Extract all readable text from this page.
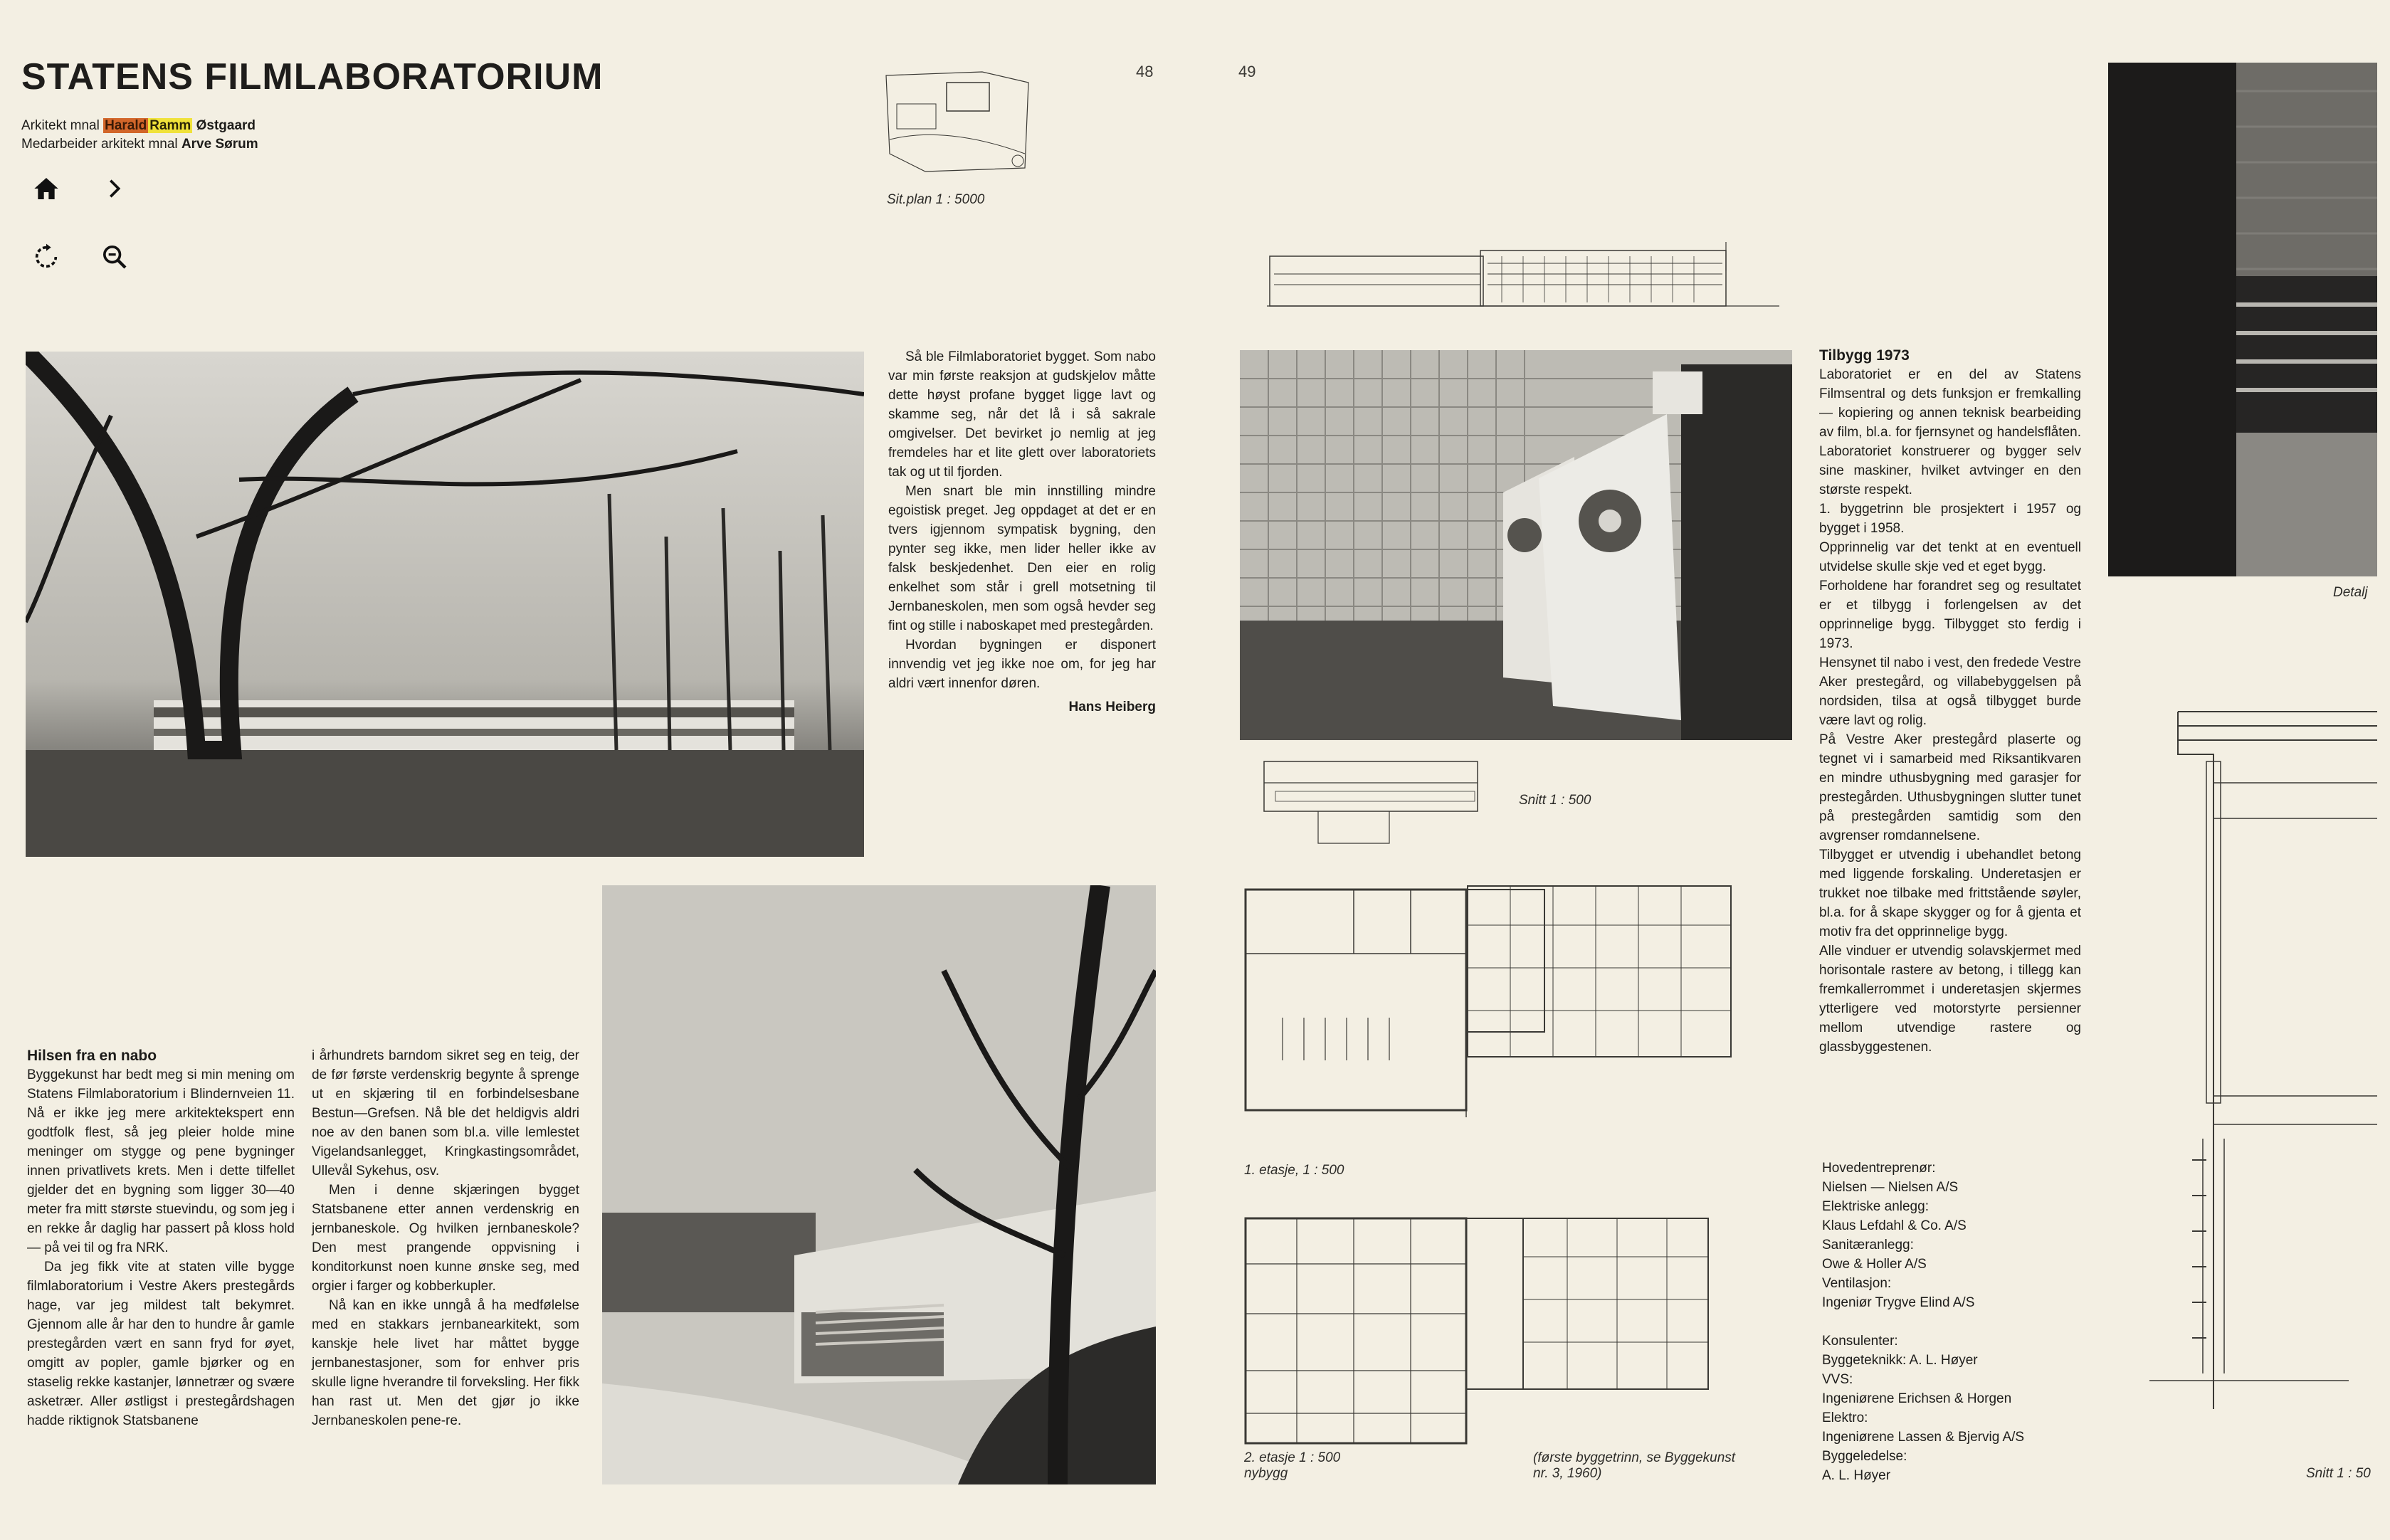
STATENS FILMLABORATORIUM
Arkitekt mnal Harald Ramm Østgaard
Medarbeider arkitekt mnal Arve Sørum
Sit.plan 1 : 5000
48	49
Hilsen fra en nabo

Byggekunst har bedt meg si min mening om Statens Filmlaboratorium i Blindernveien 11. Nå er ikke jeg mere arkitektekspert enn godtfolk flest, så jeg pleier holde mine meninger om stygge og pene bygninger innen privatlivets krets. Men i dette tilfellet gjelder det en bygning som ligger 30—40 meter fra mitt største stuevindu, og som jeg i en rekke år daglig har passert på kloss hold — på vei til og fra NRK.

Da jeg fikk vite at staten ville bygge filmlaboratorium i Vestre Akers prestegårds hage, var jeg mildest talt bekymret. Gjennom alle år har den to hundre år gamle prestegården vært en sann fryd for øyet, omgitt av popler, gamle bjørker og en staselig rekke kastanjer, lønnetrær og svære asketrær. Aller østligst i prestegårdshagen hadde riktignok Statsbanene

i århundrets barndom sikret seg en teig, der de før første verdenskrig begynte å sprenge ut en skjæring til en forbindelsesbane Bestun—Grefsen. Nå ble det heldigvis aldri noe av den banen som bl.a. ville lemlestet Vigelandsanlegget, Kringkastingsområdet, Ullevål Sykehus, osv.

Men i denne skjæringen bygget Statsbanene etter annen verdenskrig en jernbaneskole. Og hvilken jernbaneskole? Den mest prangende oppvisning i konditorkunst noen kunne ønske seg, med orgier i farger og kobberkupler.

Nå kan en ikke unngå å ha medfølelse med en stakkars jernbanearkitekt, som kanskje hele livet har måttet bygge jernbanestasjoner, som for enhver pris skulle ligne hverandre til forveksling. Her fikk han rast ut. Men det gjør jo ikke Jernbaneskolen pene-re.

Så ble Filmlaboratoriet bygget. Som nabo var min første reaksjon at gudskjelov måtte dette høyst profane bygget ligge lavt og skamme seg, når det lå i så sakrale omgivelser. Det bevirket jo nemlig at jeg fremdeles har et lite glett over laboratoriets tak og ut til fjorden.

Men snart ble min innstilling mindre egoistisk preget. Jeg oppdaget at det er en tvers igjennom sympatisk bygning, den pynter seg ikke, men lider heller ikke av falsk beskjedenhet. Den eier en rolig enkelhet som står i grell motsetning til Jernbaneskolen, men som også hevder seg fint og stille i naboskapet med prestegården.

Hvordan bygningen er disponert innvendig vet jeg ikke noe om, for jeg har aldri vært innenfor døren.

Hans Heiberg

Snitt 1 : 500
1. etasje, 1 : 500
2. etasje 1 : 500
nybygg
(første byggetrinn, se Byggekunst
nr. 3, 1960)
Tilbygg 1973

Laboratoriet er en del av Statens Filmsentral og dets funksjon er fremkalling — kopiering og annen teknisk bearbeiding av film, bl.a. for fjernsynet og handelsflåten. Laboratoriet konstruerer og bygger selv sine maskiner, hvilket avtvinger en den største respekt.

1. byggetrinn ble prosjektert i 1957 og bygget i 1958.

Opprinnelig var det tenkt at en eventuell utvidelse skulle skje ved et eget bygg.

Forholdene har forandret seg og resultatet er et tilbygg i forlengelsen av det opprinnelige bygg. Tilbygget sto ferdig i 1973.

Hensynet til nabo i vest, den fredede Vestre Aker prestegård, og villabebyggelsen på nordsiden, tilsa at også tilbygget burde være lavt og rolig.

På Vestre Aker prestegård plaserte og tegnet vi i samarbeid med Riksantikvaren en mindre uthusbygning med garasjer for prestegården. Uthusbygningen slutter tunet på prestegården samtidig som den avgrenser romdannelsene.

Tilbygget er utvendig i ubehandlet betong med liggende forskaling. Underetasjen er trukket noe tilbake med frittstående søyler, bl.a. for å skape skygger og for å gjenta et motiv fra det opprinnelige bygg.

Alle vinduer er utvendig solavskjermet med horisontale rastere av betong, i tillegg kan fremkallerrommet i underetasjen skjermes ytterligere ved motorstyrte persienner mellom utvendige rastere og glassbyggestenen.

Hovedentreprenør:
Nielsen — Nielsen A/S
Elektriske anlegg:
Klaus Lefdahl & Co. A/S
Sanitæranlegg:
Owe & Holler A/S
Ventilasjon:
Ingeniør Trygve Elind A/S
Konsulenter:
Byggeteknikk: A. L. Høyer
VVS:
Ingeniørene Erichsen & Horgen
Elektro:
Ingeniørene Lassen & Bjervig A/S
Byggeledelse:
A. L. Høyer
Detalj
Snitt 1 : 50
